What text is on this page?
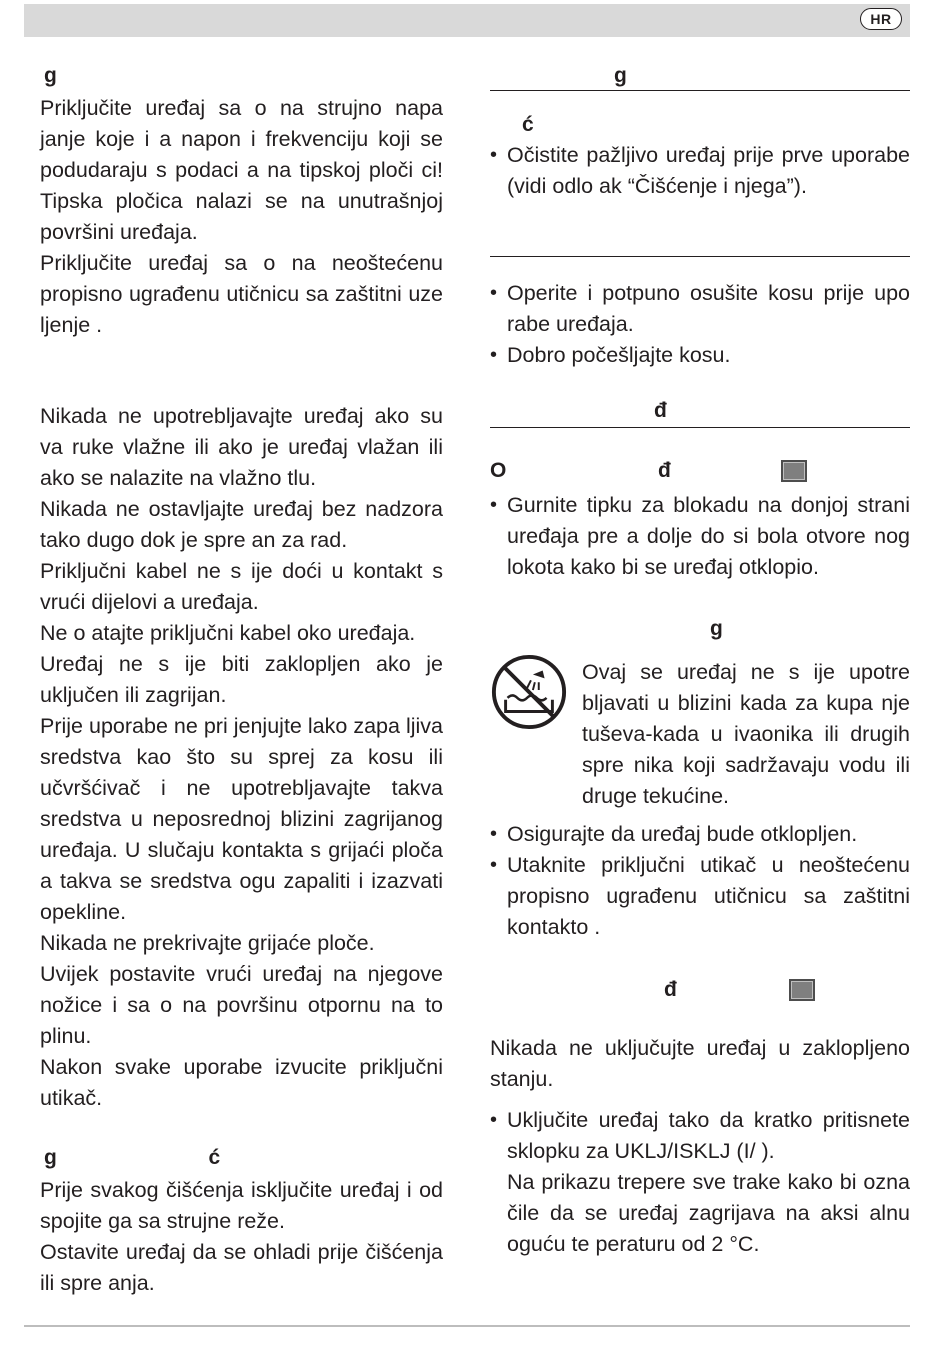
HR

g

Priključite uređaj sa o na strujno napa janje koje i a napon i frekvenciju koji se podudaraju s podaci a na tipskoj ploči ci! Tipska pločica nalazi se na unutrašnjoj površini uređaja.

Priključite uređaj sa o na neoštećenu propisno ugrađenu utičnicu sa zaštitni uze ljenje .

Nikada ne upotrebljavajte uređaj ako su va ruke vlažne ili ako je uređaj vlažan ili ako se nalazite na vlažno tlu.

Nikada ne ostavljajte uređaj bez nadzora tako dugo dok je spre an za rad.

Priključni kabel ne s ije doći u kontakt s vrući dijelovi a uređaja.

Ne o atajte priključni kabel oko uređaja.

Uređaj ne s ije biti zaklopljen ako je uključen ili zagrijan.

Prije uporabe ne pri jenjujte lako zapa ljiva sredstva kao što su sprej za kosu ili učvršćivač i ne upotrebljavajte takva sredstva u neposrednoj blizini zagrijanog uređaja. U slučaju kontakta s grijaći ploča a takva se sredstva ogu zapaliti i izazvati opekline.

Nikada ne prekrivajte grijaće ploče.

Uvijek postavite vrući uređaj na njegove nožice i sa o na površinu otpornu na to plinu.

Nakon svake uporabe izvucite priključni utikač.

g	ć

Prije svakog čišćenja isključite uređaj i od spojite ga sa strujne reže.

Ostavite uređaj da se ohladi prije čišćenja ili spre anja.

g

ć

• Očistite pažljivo uređaj prije prve uporabe (vidi odlo ak “Čišćenje i njega”).
• Operite i potpuno osušite kosu prije upo rabe uređaja.
• Dobro počešljajte kosu.

đ

O	đ

• Gurnite tipku za blokadu na donjoj strani uređaja pre a dolje do si bola otvore nog lokota kako bi se uređaj otklopio.

g

Ovaj se uređaj ne s ije upotre bljavati u blizini kada za kupa nje tuševa-kada u ivaonika ili drugih spre nika koji sadržavaju vodu ili druge tekućine.

• Osigurajte da uređaj bude otklopljen.
• Utaknite priključni utikač u neoštećenu propisno ugrađenu utičnicu sa zaštitni kontakto .

đ

Nikada ne uključujte uređaj u zaklopljeno stanju.

• Uključite uređaj tako da kratko pritisnete sklopku za UKLJ/ISKLJ (I/ ).
Na prikazu trepere sve trake kako bi ozna čile da se uređaj zagrijava na aksi alnu oguću te peraturu od 2 °C.
